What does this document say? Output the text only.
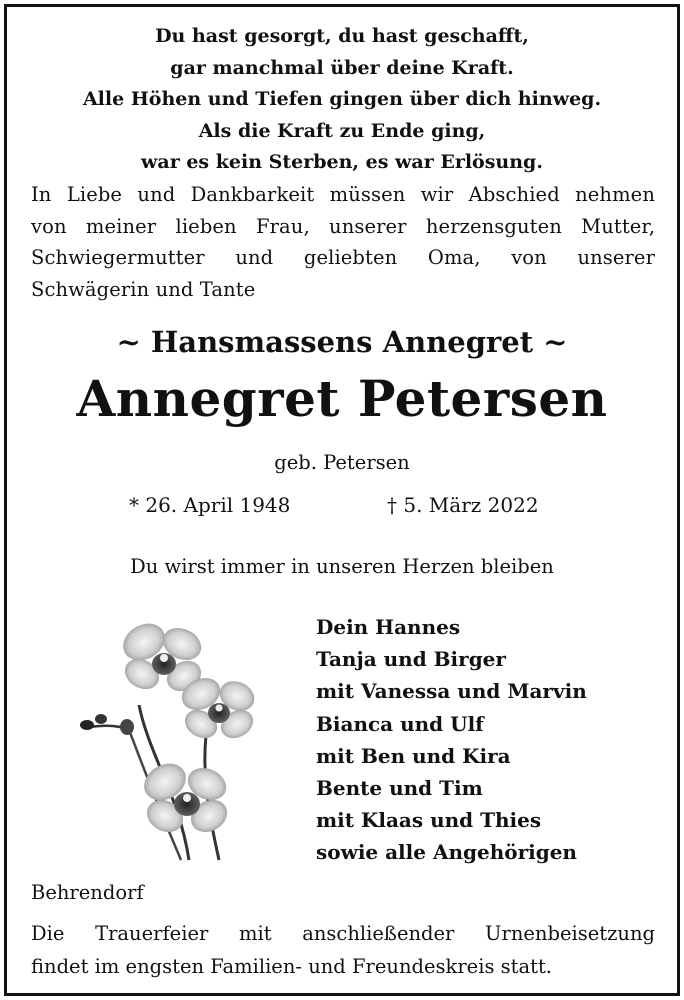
Du hast gesorgt, du hast geschafft,
gar manchmal über deine Kraft.
Alle Höhen und Tiefen gingen über dich hinweg.
Als die Kraft zu Ende ging,
war es kein Sterben, es war Erlösung.
In Liebe und Dankbarkeit müssen wir Abschied nehmen
von meiner lieben Frau, unserer herzensguten Mutter,
Schwiegermutter und geliebten Oma, von unserer
Schwägerin und Tante
~ Hansmassens Annegret ~
Annegret Petersen
geb. Petersen
* 26. April 1948	† 5. März 2022
Du wirst immer in unseren Herzen bleiben
Dein Hannes
Tanja und Birger
mit Vanessa und Marvin
Bianca und Ulf
mit Ben und Kira
Bente und Tim
mit Klaas und Thies
sowie alle Angehörigen
Behrendorf
Die Trauerfeier mit anschließender Urnenbeisetzung
findet im engsten Familien- und Freundeskreis statt.
